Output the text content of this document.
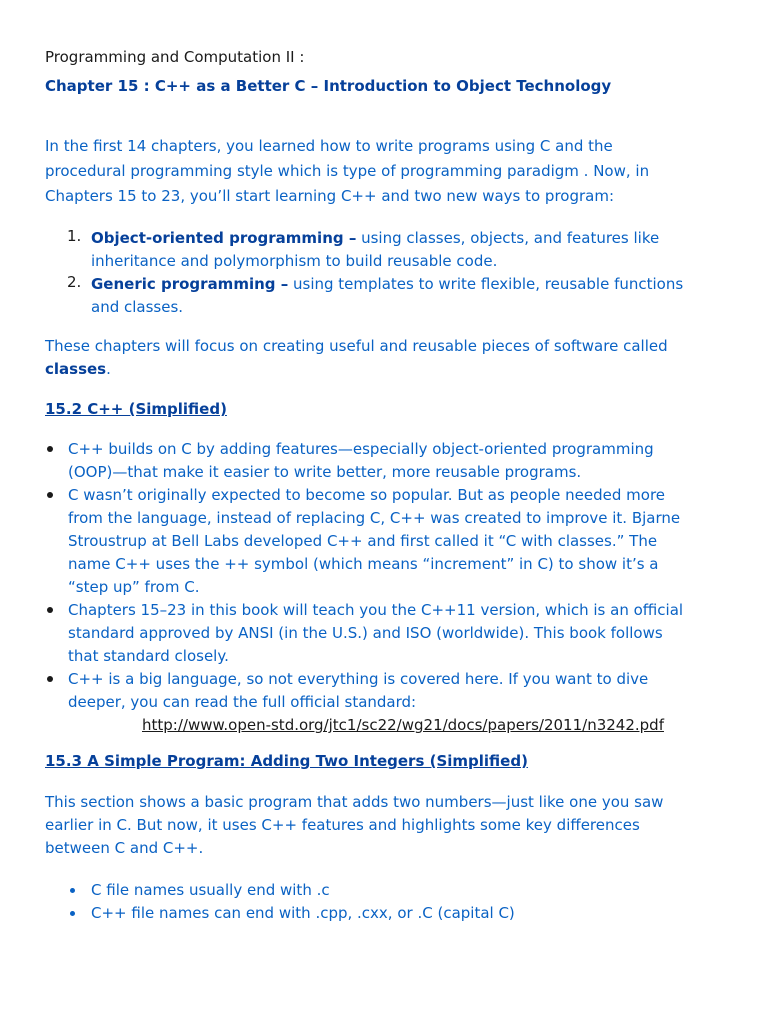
Programming and Computation II :
Chapter 15 : C++ as a Better C – Introduction to Object Technology
In the first 14 chapters, you learned how to write programs using C and the
procedural programming style which is type of programming paradigm . Now, in
Chapters 15 to 23, you’ll start learning C++ and two new ways to program:
1. Object-oriented programming – using classes, objects, and features like
inheritance and polymorphism to build reusable code.
2. Generic programming – using templates to write flexible, reusable functions
and classes.
These chapters will focus on creating useful and reusable pieces of software called
classes.
15.2 C++ (Simplified)
C++ builds on C by adding features—especially object-oriented programming
(OOP)—that make it easier to write better, more reusable programs.
C wasn’t originally expected to become so popular. But as people needed more
from the language, instead of replacing C, C++ was created to improve it. Bjarne
Stroustrup at Bell Labs developed C++ and first called it “C with classes.” The
name C++ uses the ++ symbol (which means “increment” in C) to show it’s a
“step up” from C.
Chapters 15–23 in this book will teach you the C++11 version, which is an official
standard approved by ANSI (in the U.S.) and ISO (worldwide). This book follows
that standard closely.
C++ is a big language, so not everything is covered here. If you want to dive
deeper, you can read the full official standard:
http://www.open-std.org/jtc1/sc22/wg21/docs/papers/2011/n3242.pdf
15.3 A Simple Program: Adding Two Integers (Simplified)
This section shows a basic program that adds two numbers—just like one you saw
earlier in C. But now, it uses C++ features and highlights some key differences
between C and C++.
C file names usually end with .c
C++ file names can end with .cpp, .cxx, or .C (capital C)
